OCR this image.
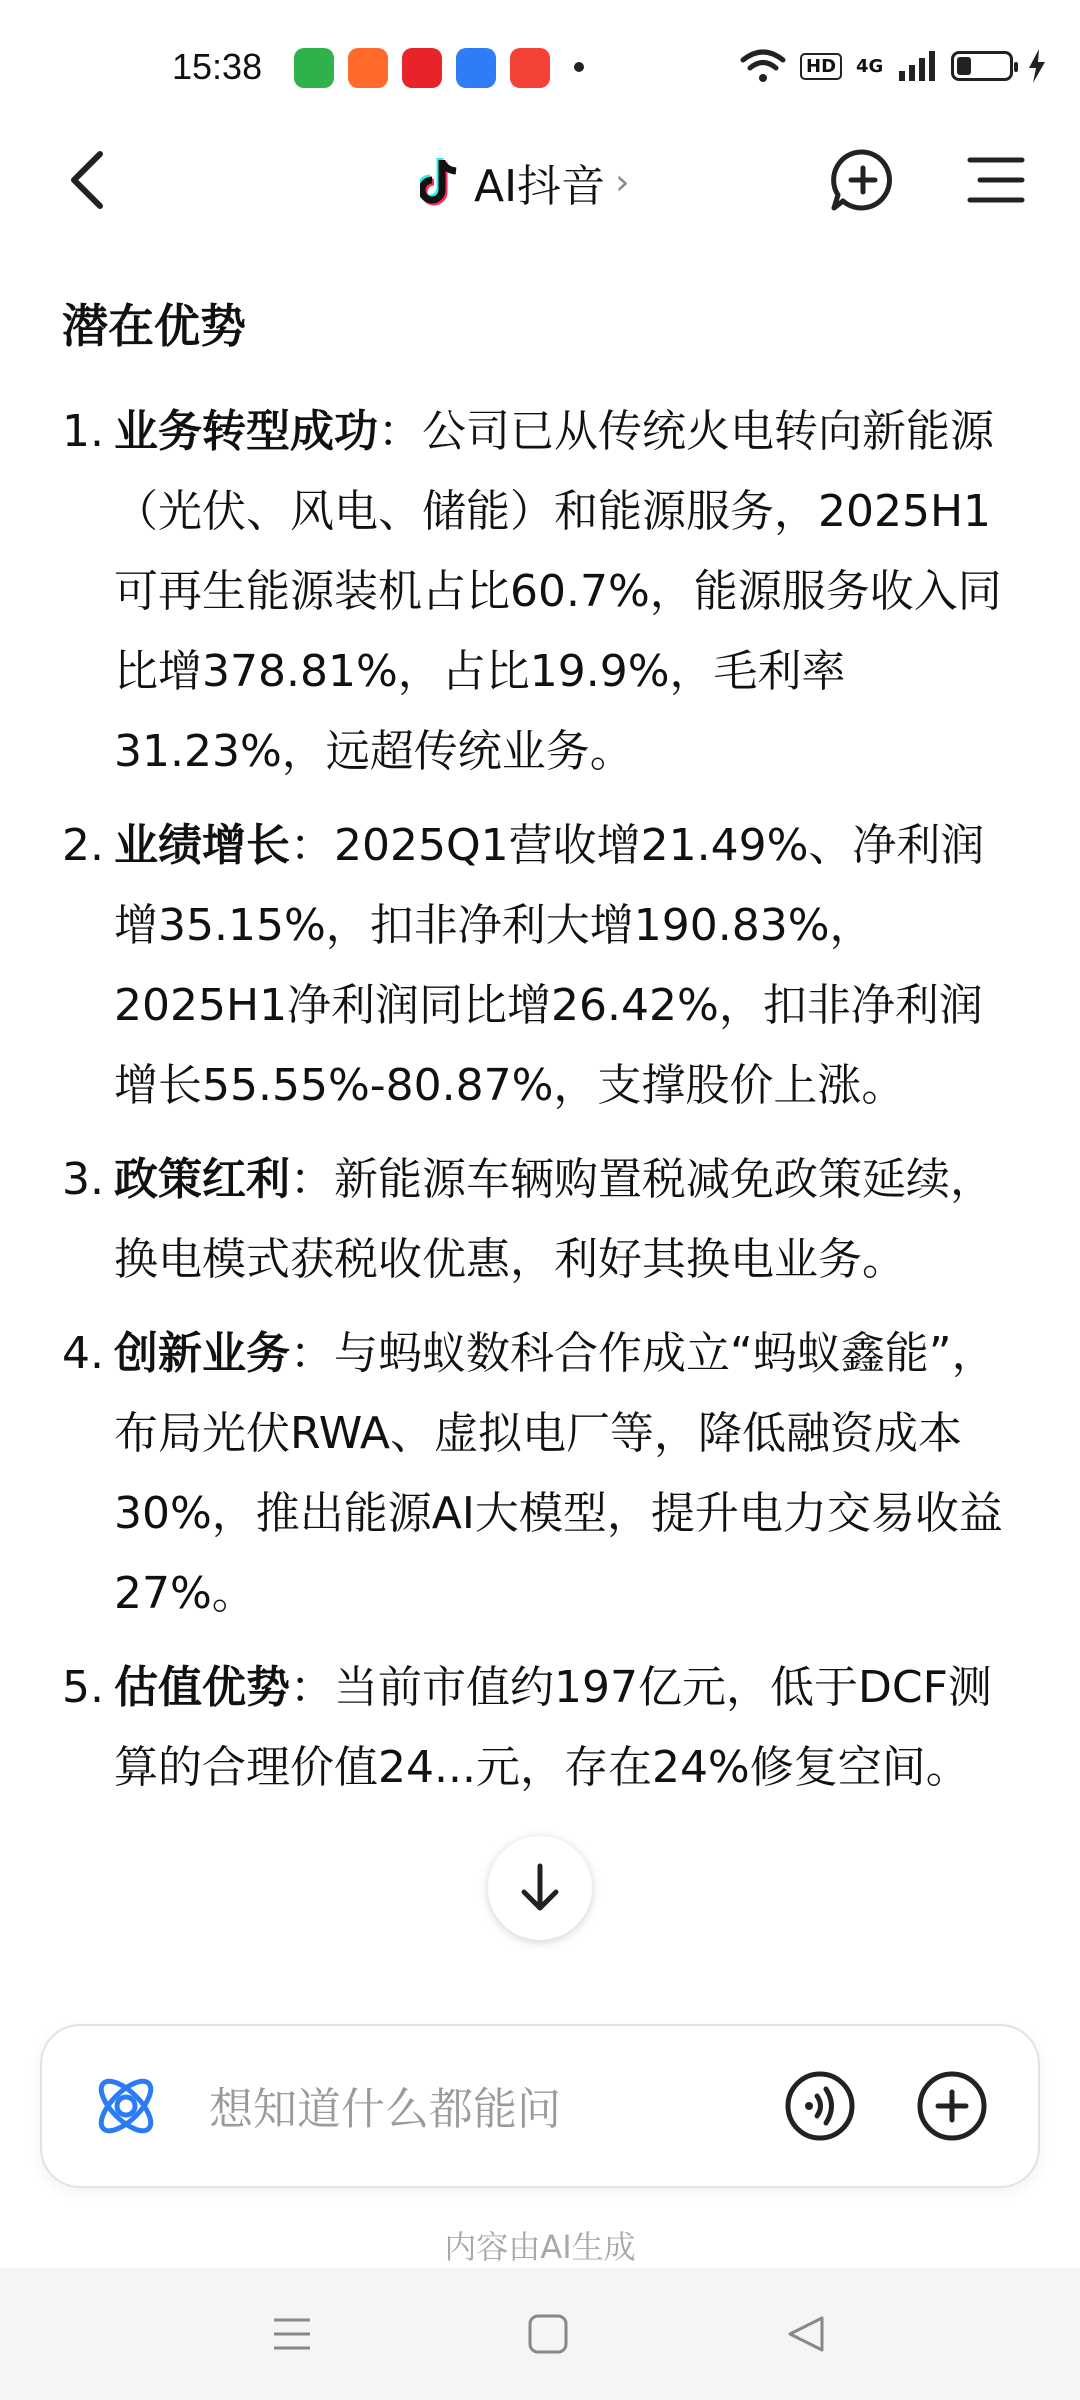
15:38	HD	4G
AI抖音 ›
潜在优势
1. 业务转型成功：公司已从传统火电转向新能源（光伏、风电、储能）和能源服务，2025H1可再生能源装机占比60.7%，能源服务收入同比增378.81%，占比19.9%，毛利率31.23%，远超传统业务。
2. 业绩增长：2025Q1营收增21.49%、净利润增35.15%，扣非净利大增190.83%，2025H1净利润同比增26.42%，扣非净利润增长55.55%-80.87%，支撑股价上涨。
3. 政策红利：新能源车辆购置税减免政策延续，换电模式获税收优惠，利好其换电业务。
4. 创新业务：与蚂蚁数科合作成立“蚂蚁鑫能”，布局光伏RWA、虚拟电厂等，降低融资成本30%，推出能源AI大模型，提升电力交易收益27%。
5. 估值优势：当前市值约197亿元，低于DCF测算的合理价值24...元，存在24%修复空间。
想知道什么都能问
内容由AI生成
